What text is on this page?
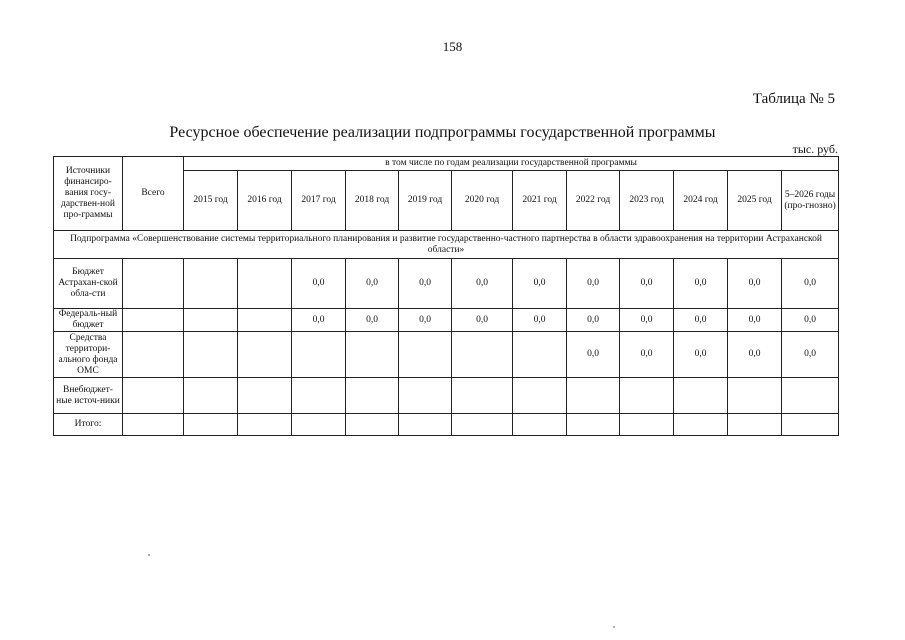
158
Таблица № 5
Ресурсное обеспечение реализации подпрограммы государственной программы
тыс. руб.
Источники финансиро-вания госу-дарствен-ной про-граммы	Всего	в том числе по годам реализации государственной программы											
		2015 год	2016 год	2017 год	2018 год	2019 год	2020 год	2021 год	2022 год	2023 год	2024 год	2025 год	5–2026 годы (про-гнозно)
Подпрограмма «Совершенствование системы территориального планирования и развитие государственно-частного партнерства в области здравоохранения на территории Астраханской области»													
Бюджет Астрахан-ской обла-сти				0,0	0,0	0,0	0,0	0,0	0,0	0,0	0,0	0,0	0,0
Федераль-ный бюджет				0,0	0,0	0,0	0,0	0,0	0,0	0,0	0,0	0,0	0,0
Средства территори-ального фонда ОМС									0,0	0,0	0,0	0,0	0,0
Внебюджет-ные источ-ники													
Итого:													
